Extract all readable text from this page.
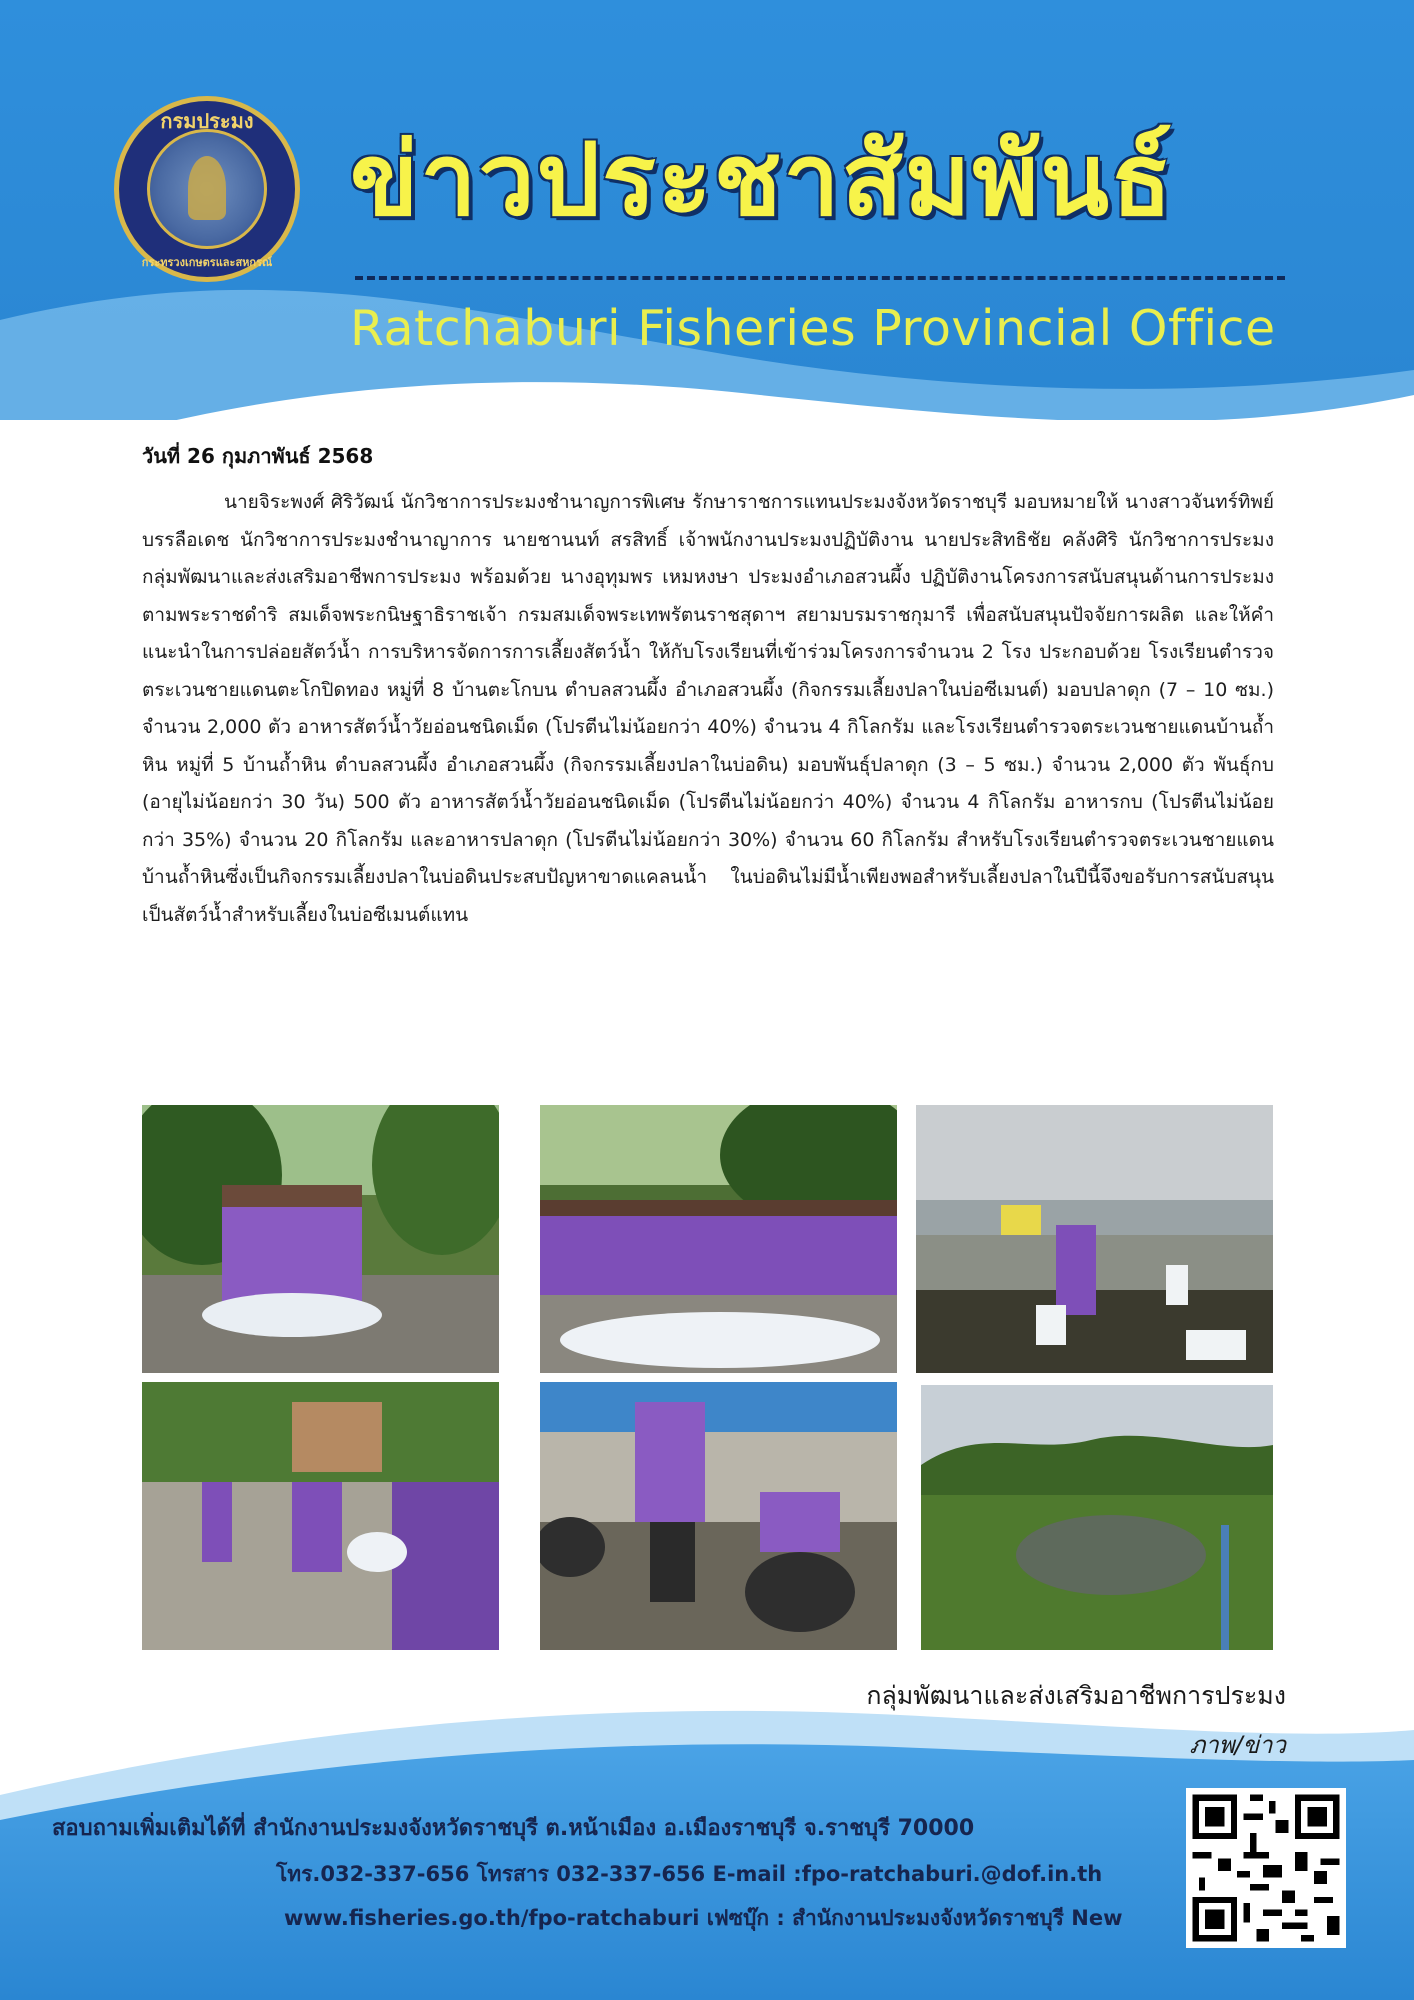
กรมประมง
กระทรวงเกษตรและสหกรณ์
ข่าวประชาสัมพันธ์
Ratchaburi Fisheries Provincial Office
วันที่ 26 กุมภาพันธ์ 2568
นายจิระพงศ์ ศิริวัฒน์ นักวิชาการประมงชำนาญการพิเศษ รักษาราชการแทนประมงจังหวัดราชบุรี มอบหมายให้ นางสาวจันทร์ทิพย์ บรรลือเดช นักวิชาการประมงชำนาญาการ นายชานนท์ สรสิทธิ์ เจ้าพนักงานประมงปฏิบัติงาน นายประสิทธิชัย คลังศิริ นักวิชาการประมง กลุ่มพัฒนาและส่งเสริมอาชีพการประมง พร้อมด้วย นางอุทุมพร เหมหงษา ประมงอำเภอสวนผึ้ง ปฏิบัติงานโครงการสนับสนุนด้านการประมงตามพระราชดำริ สมเด็จพระกนิษฐาธิราชเจ้า กรมสมเด็จพระเทพรัตนราชสุดาฯ สยามบรมราชกุมารี เพื่อสนับสนุนปัจจัยการผลิต และให้คำแนะนำในการปล่อยสัตว์น้ำ การบริหารจัดการการเลี้ยงสัตว์น้ำ ให้กับโรงเรียนที่เข้าร่วมโครงการจำนวน 2 โรง ประกอบด้วย โรงเรียนตำรวจตระเวนชายแดนตะโกปิดทอง หมู่ที่ 8 บ้านตะโกบน ตำบลสวนผึ้ง อำเภอสวนผึ้ง (กิจกรรมเลี้ยงปลาในบ่อซีเมนต์) มอบปลาดุก (7 – 10 ซม.) จำนวน 2,000 ตัว อาหารสัตว์น้ำวัยอ่อนชนิดเม็ด (โปรตีนไม่น้อยกว่า 40%) จำนวน 4 กิโลกรัม และโรงเรียนตำรวจตระเวนชายแดนบ้านถ้ำหิน หมู่ที่ 5 บ้านถ้ำหิน ตำบลสวนผึ้ง อำเภอสวนผึ้ง (กิจกรรมเลี้ยงปลาในบ่อดิน) มอบพันธุ์ปลาดุก (3 – 5 ซม.) จำนวน 2,000 ตัว พันธุ์กบ (อายุไม่น้อยกว่า 30 วัน) 500 ตัว อาหารสัตว์น้ำวัยอ่อนชนิดเม็ด (โปรตีนไม่น้อยกว่า 40%) จำนวน 4 กิโลกรัม อาหารกบ (โปรตีนไม่น้อยกว่า 35%) จำนวน 20 กิโลกรัม และอาหารปลาดุก (โปรตีนไม่น้อยกว่า 30%) จำนวน 60 กิโลกรัม สำหรับโรงเรียนตำรวจตระเวนชายแดนบ้านถ้ำหินซึ่งเป็นกิจกรรมเลี้ยงปลาในบ่อดินประสบปัญหาขาดแคลนน้ำ ในบ่อดินไม่มีน้ำเพียงพอสำหรับเลี้ยงปลาในปีนี้จึงขอรับการสนับสนุนเป็นสัตว์น้ำสำหรับเลี้ยงในบ่อซีเมนต์แทน
กลุ่มพัฒนาและส่งเสริมอาชีพการประมง
ภาพ/ข่าว
สอบถามเพิ่มเติมได้ที่ สำนักงานประมงจังหวัดราชบุรี ต.หน้าเมือง อ.เมืองราชบุรี จ.ราชบุรี 70000
โทร.032-337-656 โทรสาร 032-337-656 E-mail :fpo-ratchaburi.@dof.in.th
www.fisheries.go.th/fpo-ratchaburi เฟซบุ๊ก : สำนักงานประมงจังหวัดราชบุรี New
